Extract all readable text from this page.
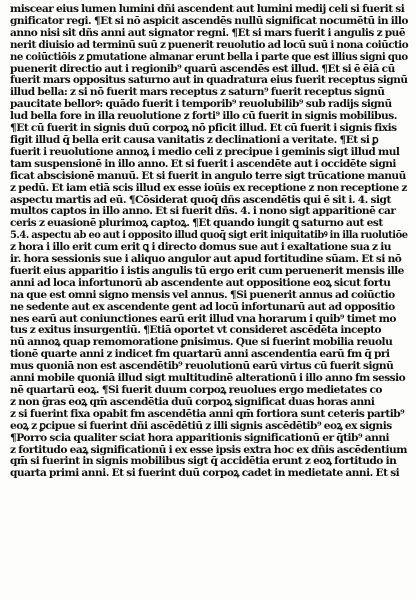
miscear eius lumen lumini dñi ascendent aut lumini medij celi si fuerit si
gnificator regi. ¶Et si nō aspicit ascendēs nullū significat nocumētū in illo
anno nisi sit dñs anni aut signator regni. ¶Et si mars fuerit i angulis z puē
nerit diuisio ad terminū suū z puenerit reuolutio ad locū suū i nona coiūctio
ne coiūctiōis z ꝑmutatione almanar erunt bella i parte que est illius signi quo
puenerit directio aut i regionib⁹ quarū ascendēs est illud. ¶Et si ē ēiā cū
fuerit mars oppositus saturno aut in quadratura eius fuerit receptus signū
illud bella: z si nō fuerit mars receptus z saturn⁹ fuerit receptus signū
paucitate bellorꝰ: quādo fuerit i temporib⁹ reuolubilib⁹ sub radijs signū
lud bella fore in illa reuolutione z forti⁹ illo cū fuerit in signis mobilibus.
¶Et cū fuerit in signis duū corpoꝝ nō pficit illud. Et cū fuerit i signis fixis
figit illud q̄ bella erit causa vanitatis z declinationi a veritate. ¶Et si ꝑ
fuerit i reuolutione annoꝝ i medio celi z precipue i geminis sigt illud mul
tam suspensionē in illo anno. Et si fuerit i ascendēte aut i occidēte signi
ficat abscisionē manuū. Et si fuerit in angulo terre sigt trūcatione manuū
z pedū. Et iam etiā scis illud ex esse ioūis ex receptione z non receptione z
aspectu martis ad eū. ¶Cōsiderat quoq̄ dñs ascendētis qui ē sit i. 4. sigt
multos captos in illo anno. Et si fuerit dñs. 4. i nono sigt apparitionē car
ceris z euasionē plurimoꝝ captoꝝ. ¶Et quando iungit ꝗ saturno aut est
5.4. aspectu ab eo aut i opposito illud quoq̄ sigt erit iniquitatibꝰ in illa ruolutiōe
z hora i illo erit cum erit ꝗ i directo domus sue aut i exaltatione sua z iu
ir. hora sessionis sue i aliquo angulor aut apud fortitudine sūam. Et si nō
fuerit eius apparitio i istis angulis tū ergo erit cum peruenerit mensis ille
anni ad loca infortunorū ab ascendente aut oppositione eoꝝ sicut fortu
na que est omni signo mensis vel annus. ¶Si puenerit annus ad coiūctio
ne sedente aut ex ascendente gent ad locū infortunarū aut ad oppositio
nes earū aut coniunctiones earū erit illud vna horarum i quib⁹ timet mo
tus z exitus insurgentiū. ¶Etiā oportet vt consideret ascēdēta incepto
nū annoꝝ quap remomoratione ꝑnisimus. Que si fuerint mobilia reuolu
tionē quarte anni z indicet fm quartarū anni ascendentia earū fm q̄ pri
mus quoniā non est ascendētib⁹ reuolutionū earū virtus cū fuerit signū
anni mobile quoniā illud sigt multitudinē alterationū i illo anno fm sessio
nē quartarū eoꝝ. ¶Si fuerit duum corpoꝝ reuolues ergo medietates co
z non ḡras eoꝝ qm̄ ascendētia duū corpoꝝ significat duas horas anni
z si fuerint fixa opabit fm ascendētia anni qm̄ fortiora sunt ceteris partib⁹
eoꝝ z ꝑcipue si fuerint dñi ascēdētiū z illi signis ascēdētib⁹ eoꝝ ex signis
¶Porro scia qualiter sciat hora apparitionis significationū er q̄tib⁹ anni
z fortitudo eaꝝ significationū i ex esse ipsis extra hoc ex dñis ascēdentium
qm̄ si fuerint in signis mobilibus sigt q̄ accidētia erunt z eoꝝ fortitudo in
quarta primi anni. Et si fuerint duū corpoꝝ cadet in medietate anni. Et si
